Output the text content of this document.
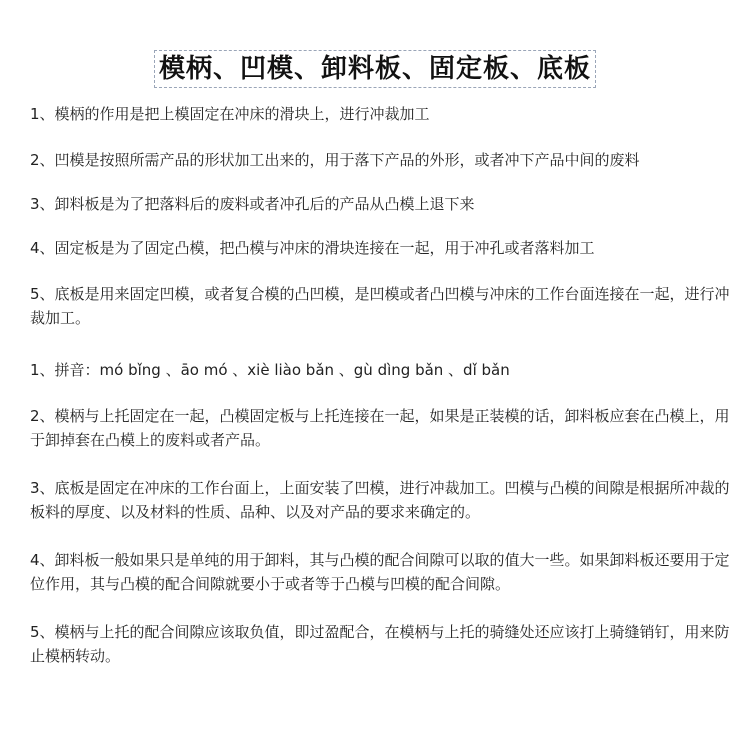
模柄、凹模、卸料板、固定板、底板

1、模柄的作用是把上模固定在冲床的滑块上，进行冲裁加工

2、凹模是按照所需产品的形状加工出来的，用于落下产品的外形，或者冲下产品中间的废料

3、卸料板是为了把落料后的废料或者冲孔后的产品从凸模上退下来

4、固定板是为了固定凸模，把凸模与冲床的滑块连接在一起，用于冲孔或者落料加工

5、底板是用来固定凹模，或者复合模的凸凹模，是凹模或者凸凹模与冲床的工作台面连接在一起，进行冲裁加工。

1、拼音：mó bǐng 、āo mó 、xiè liào bǎn 、gù dìng bǎn 、dǐ bǎn

2、模柄与上托固定在一起，凸模固定板与上托连接在一起，如果是正装模的话，卸料板应套在凸模上，用于卸掉套在凸模上的废料或者产品。

3、底板是固定在冲床的工作台面上，上面安装了凹模，进行冲裁加工。凹模与凸模的间隙是根据所冲裁的板料的厚度、以及材料的性质、品种、以及对产品的要求来确定的。

4、卸料板一般如果只是单纯的用于卸料，其与凸模的配合间隙可以取的值大一些。如果卸料板还要用于定位作用，其与凸模的配合间隙就要小于或者等于凸模与凹模的配合间隙。

5、模柄与上托的配合间隙应该取负值，即过盈配合，在模柄与上托的骑缝处还应该打上骑缝销钉，用来防止模柄转动。
